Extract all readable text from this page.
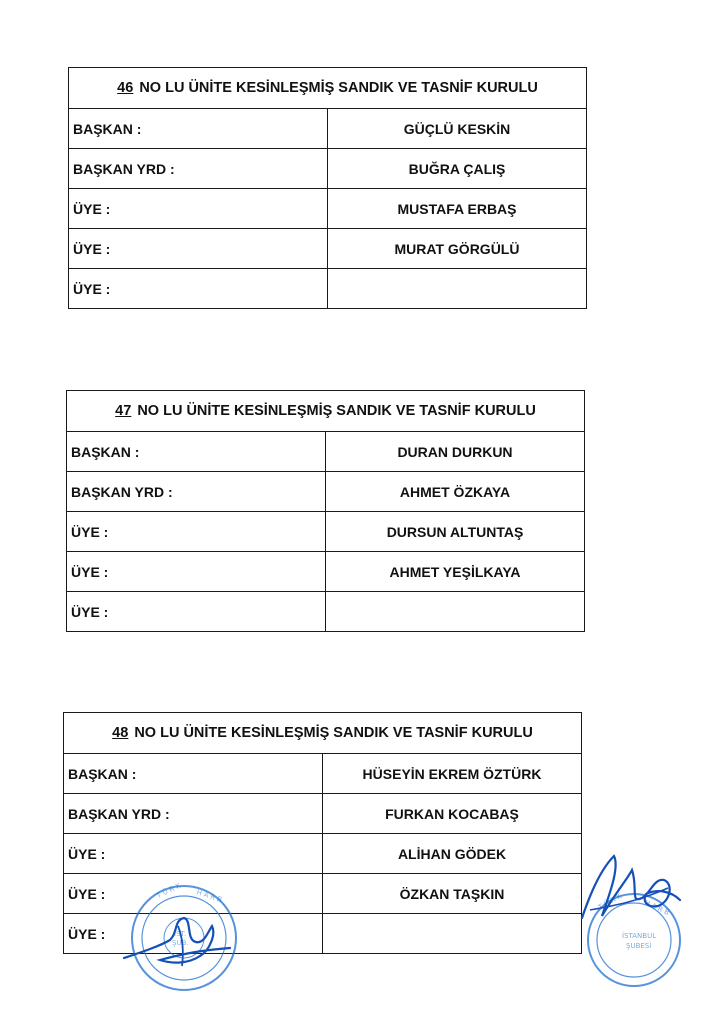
46 NO LU ÜNİTE KESİNLEŞMİŞ SANDIK VE TASNİF KURULU	
BAŞKAN :	GÜÇLÜ KESKİN
BAŞKAN YRD :	BUĞRA ÇALIŞ
ÜYE :	MUSTAFA ERBAŞ
ÜYE :	MURAT GÖRGÜLÜ
ÜYE :	
47 NO LU ÜNİTE KESİNLEŞMİŞ SANDIK VE TASNİF KURULU	
BAŞKAN :	DURAN DURKUN
BAŞKAN YRD :	AHMET ÖZKAYA
ÜYE :	DURSUN ALTUNTAŞ
ÜYE :	AHMET YEŞİLKAYA
ÜYE :	
48 NO LU ÜNİTE KESİNLEŞMİŞ SANDIK VE TASNİF KURULU	
BAŞKAN :	HÜSEYİN EKREM ÖZTÜRK
BAŞKAN YRD :	FURKAN KOCABAŞ
ÜYE :	ALİHAN GÖDEK
ÜYE :	ÖZKAN TAŞKIN
ÜYE :	
T Ü R K H A R B
İST.
ŞUB.
İSTANBUL
ŞUBESİ
T Ü R K	H A R B
